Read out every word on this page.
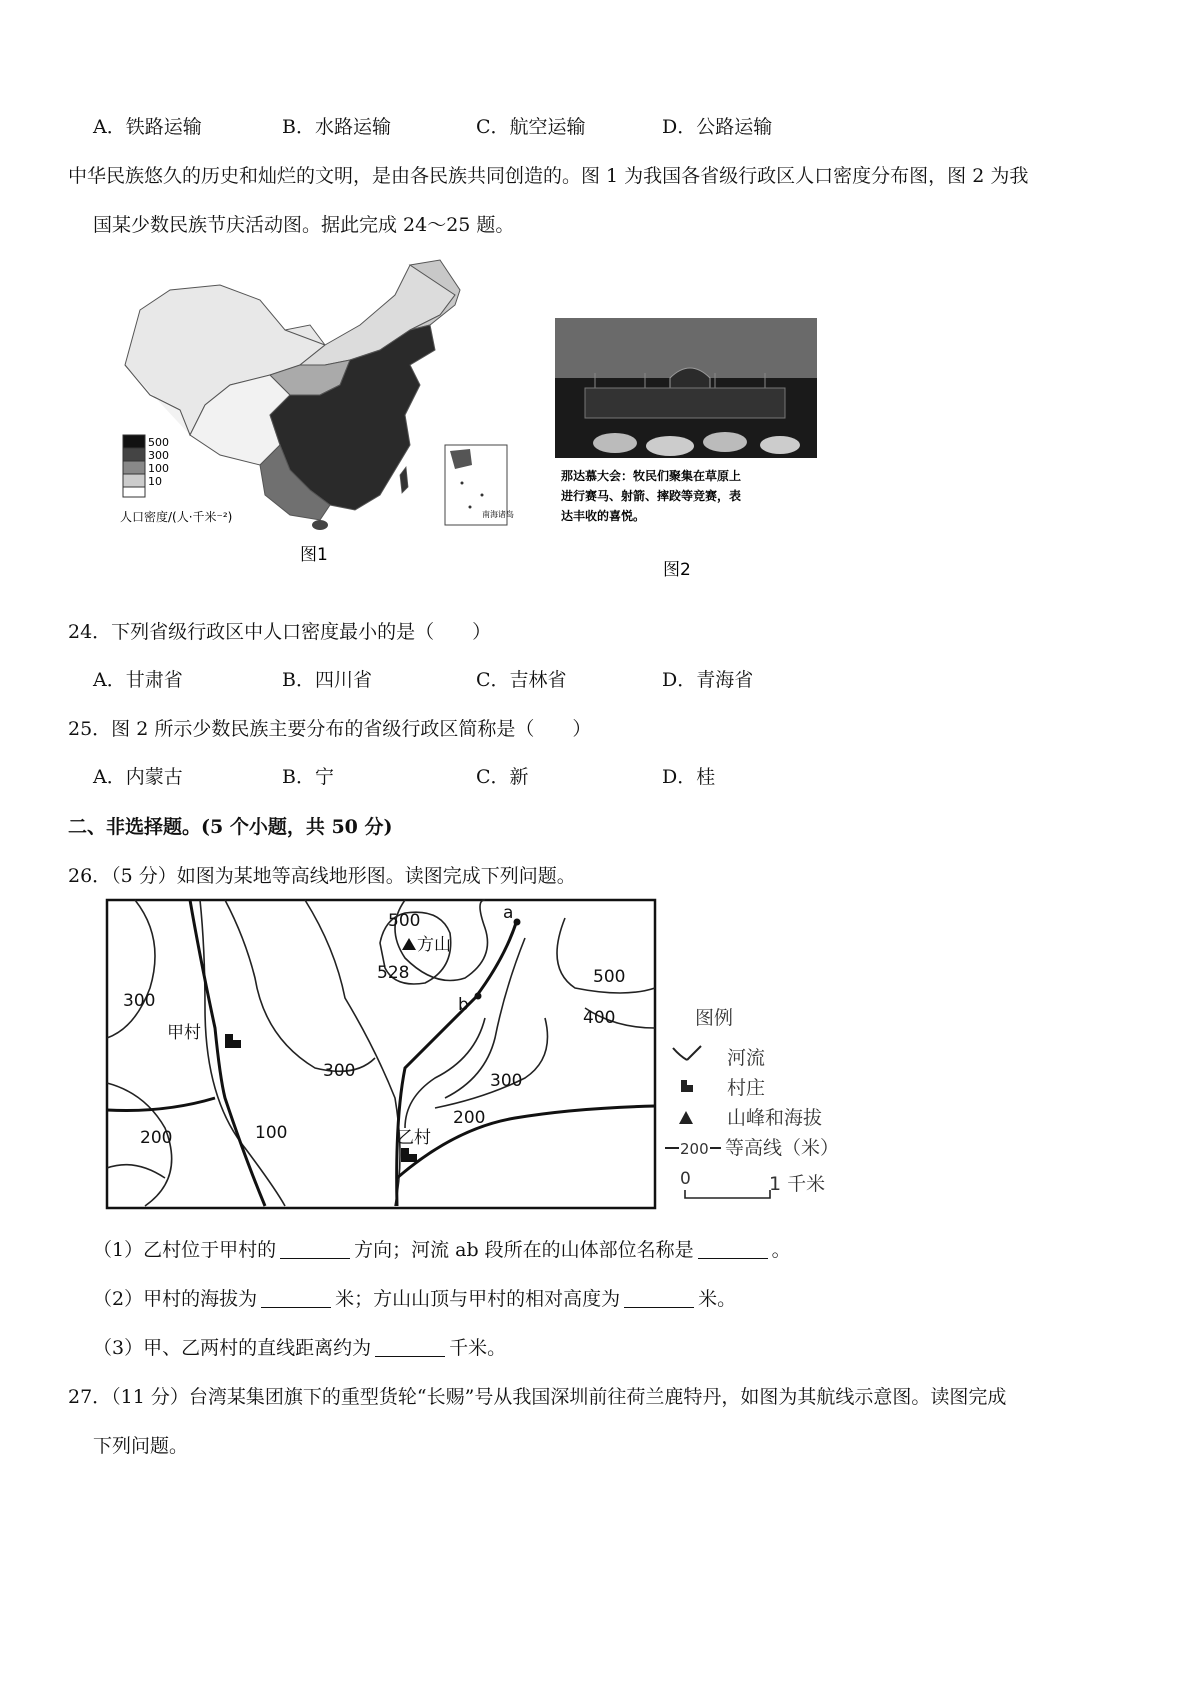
A．铁路运输	B．水路运输	C．航空运输	D．公路运输
中华民族悠久的历史和灿烂的文明，是由各民族共同创造的。图 1 为我国各省级行政区人口密度分布图，图 2 为我
国某少数民族节庆活动图。据此完成 24～25 题。
500
300
100
10
人口密度/(人·千米⁻²)	南海诸岛
图1
那达慕大会：牧民们聚集在草原上
进行赛马、射箭、摔跤等竞赛，表
达丰收的喜悦。
图2
24．下列省级行政区中人口密度最小的是（　　）
A．甘肃省	B．四川省	C．吉林省	D．青海省
25．图 2 所示少数民族主要分布的省级行政区简称是（　　）
A．内蒙古	B．宁	C．新	D．桂
二、非选择题。(5 个小题，共 50 分)
26．（5 分）如图为某地等高线地形图。读图完成下列问题。
500
方山
528
a
b
500
400
300
300	300
200
200	100
甲村
乙村
图例
河流
村庄
山峰和海拔
200 等高线（米）
0	1 千米
（1）乙村位于甲村的	方向；河流 ab 段所在的山体部位名称是	。
（2）甲村的海拔为	米；方山山顶与甲村的相对高度为	米。
（3）甲、乙两村的直线距离约为	千米。
27．（11 分）台湾某集团旗下的重型货轮“长赐”号从我国深圳前往荷兰鹿特丹，如图为其航线示意图。读图完成
下列问题。
